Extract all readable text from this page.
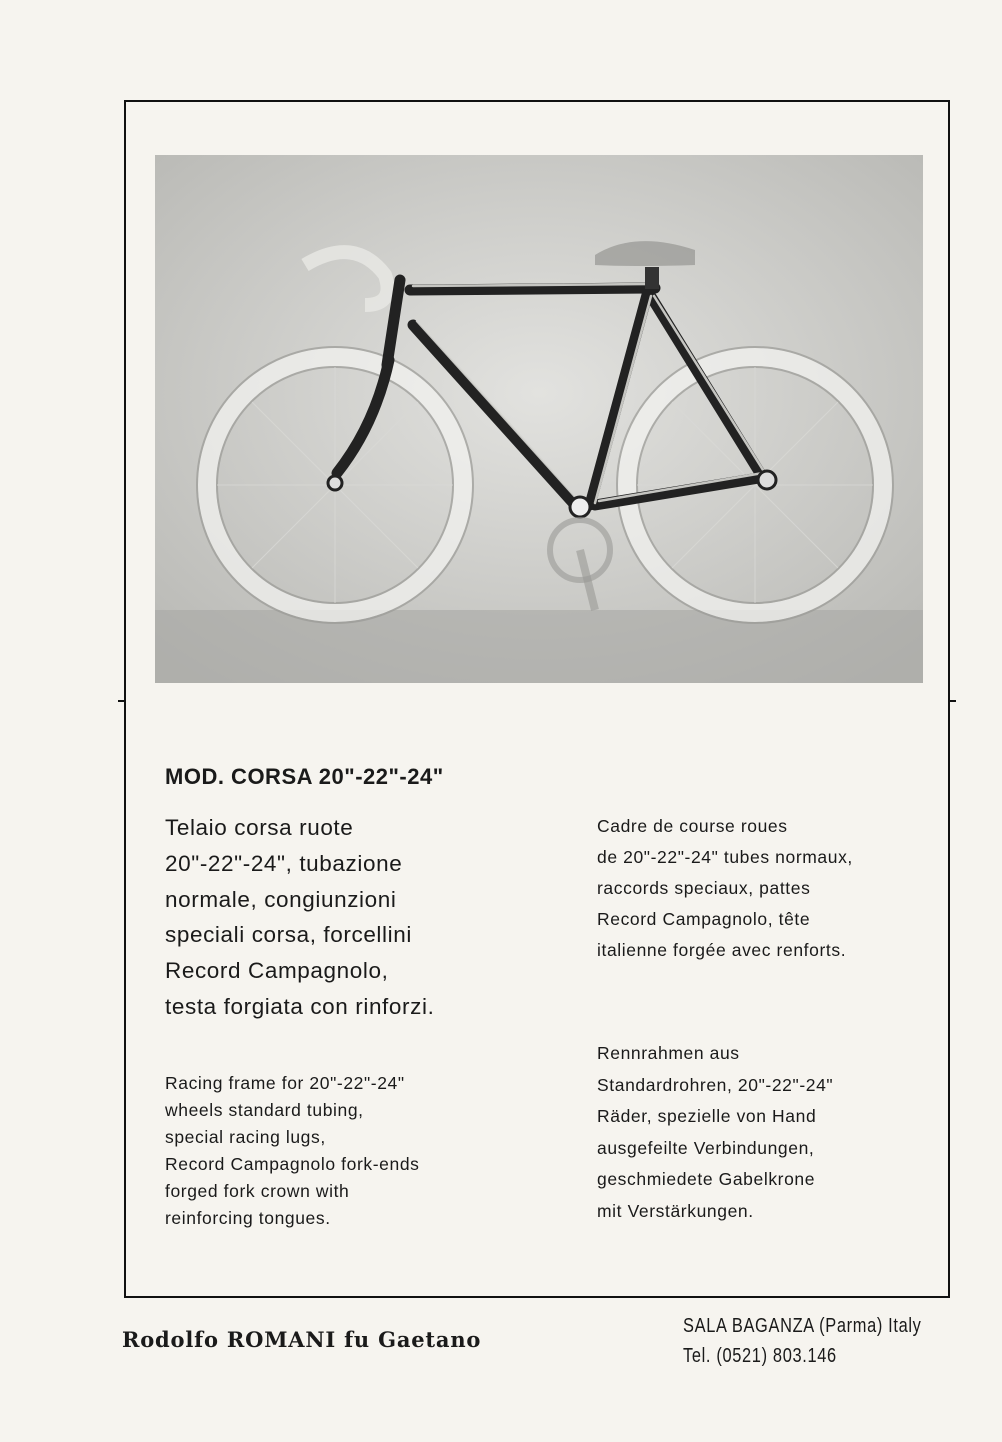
MOD. CORSA 20"-22"-24"
Telaio corsa ruote
20"-22"-24", tubazione
normale, congiunzioni
speciali corsa, forcellini
Record Campagnolo,
testa forgiata con rinforzi.
Racing frame for 20"-22"-24"
wheels standard tubing,
special racing lugs,
Record Campagnolo fork-ends
forged fork crown with
reinforcing tongues.
Cadre de course roues
de 20"-22"-24" tubes normaux,
raccords speciaux, pattes
Record Campagnolo, tête
italienne forgée avec renforts.
Rennrahmen aus
Standardrohren, 20"-22"-24"
Räder, spezielle von Hand
ausgefeilte Verbindungen,
geschmiedete Gabelkrone
mit Verstärkungen.
Rodolfo ROMANI fu Gaetano
SALA BAGANZA (Parma) Italy
Tel. (0521) 803.146
